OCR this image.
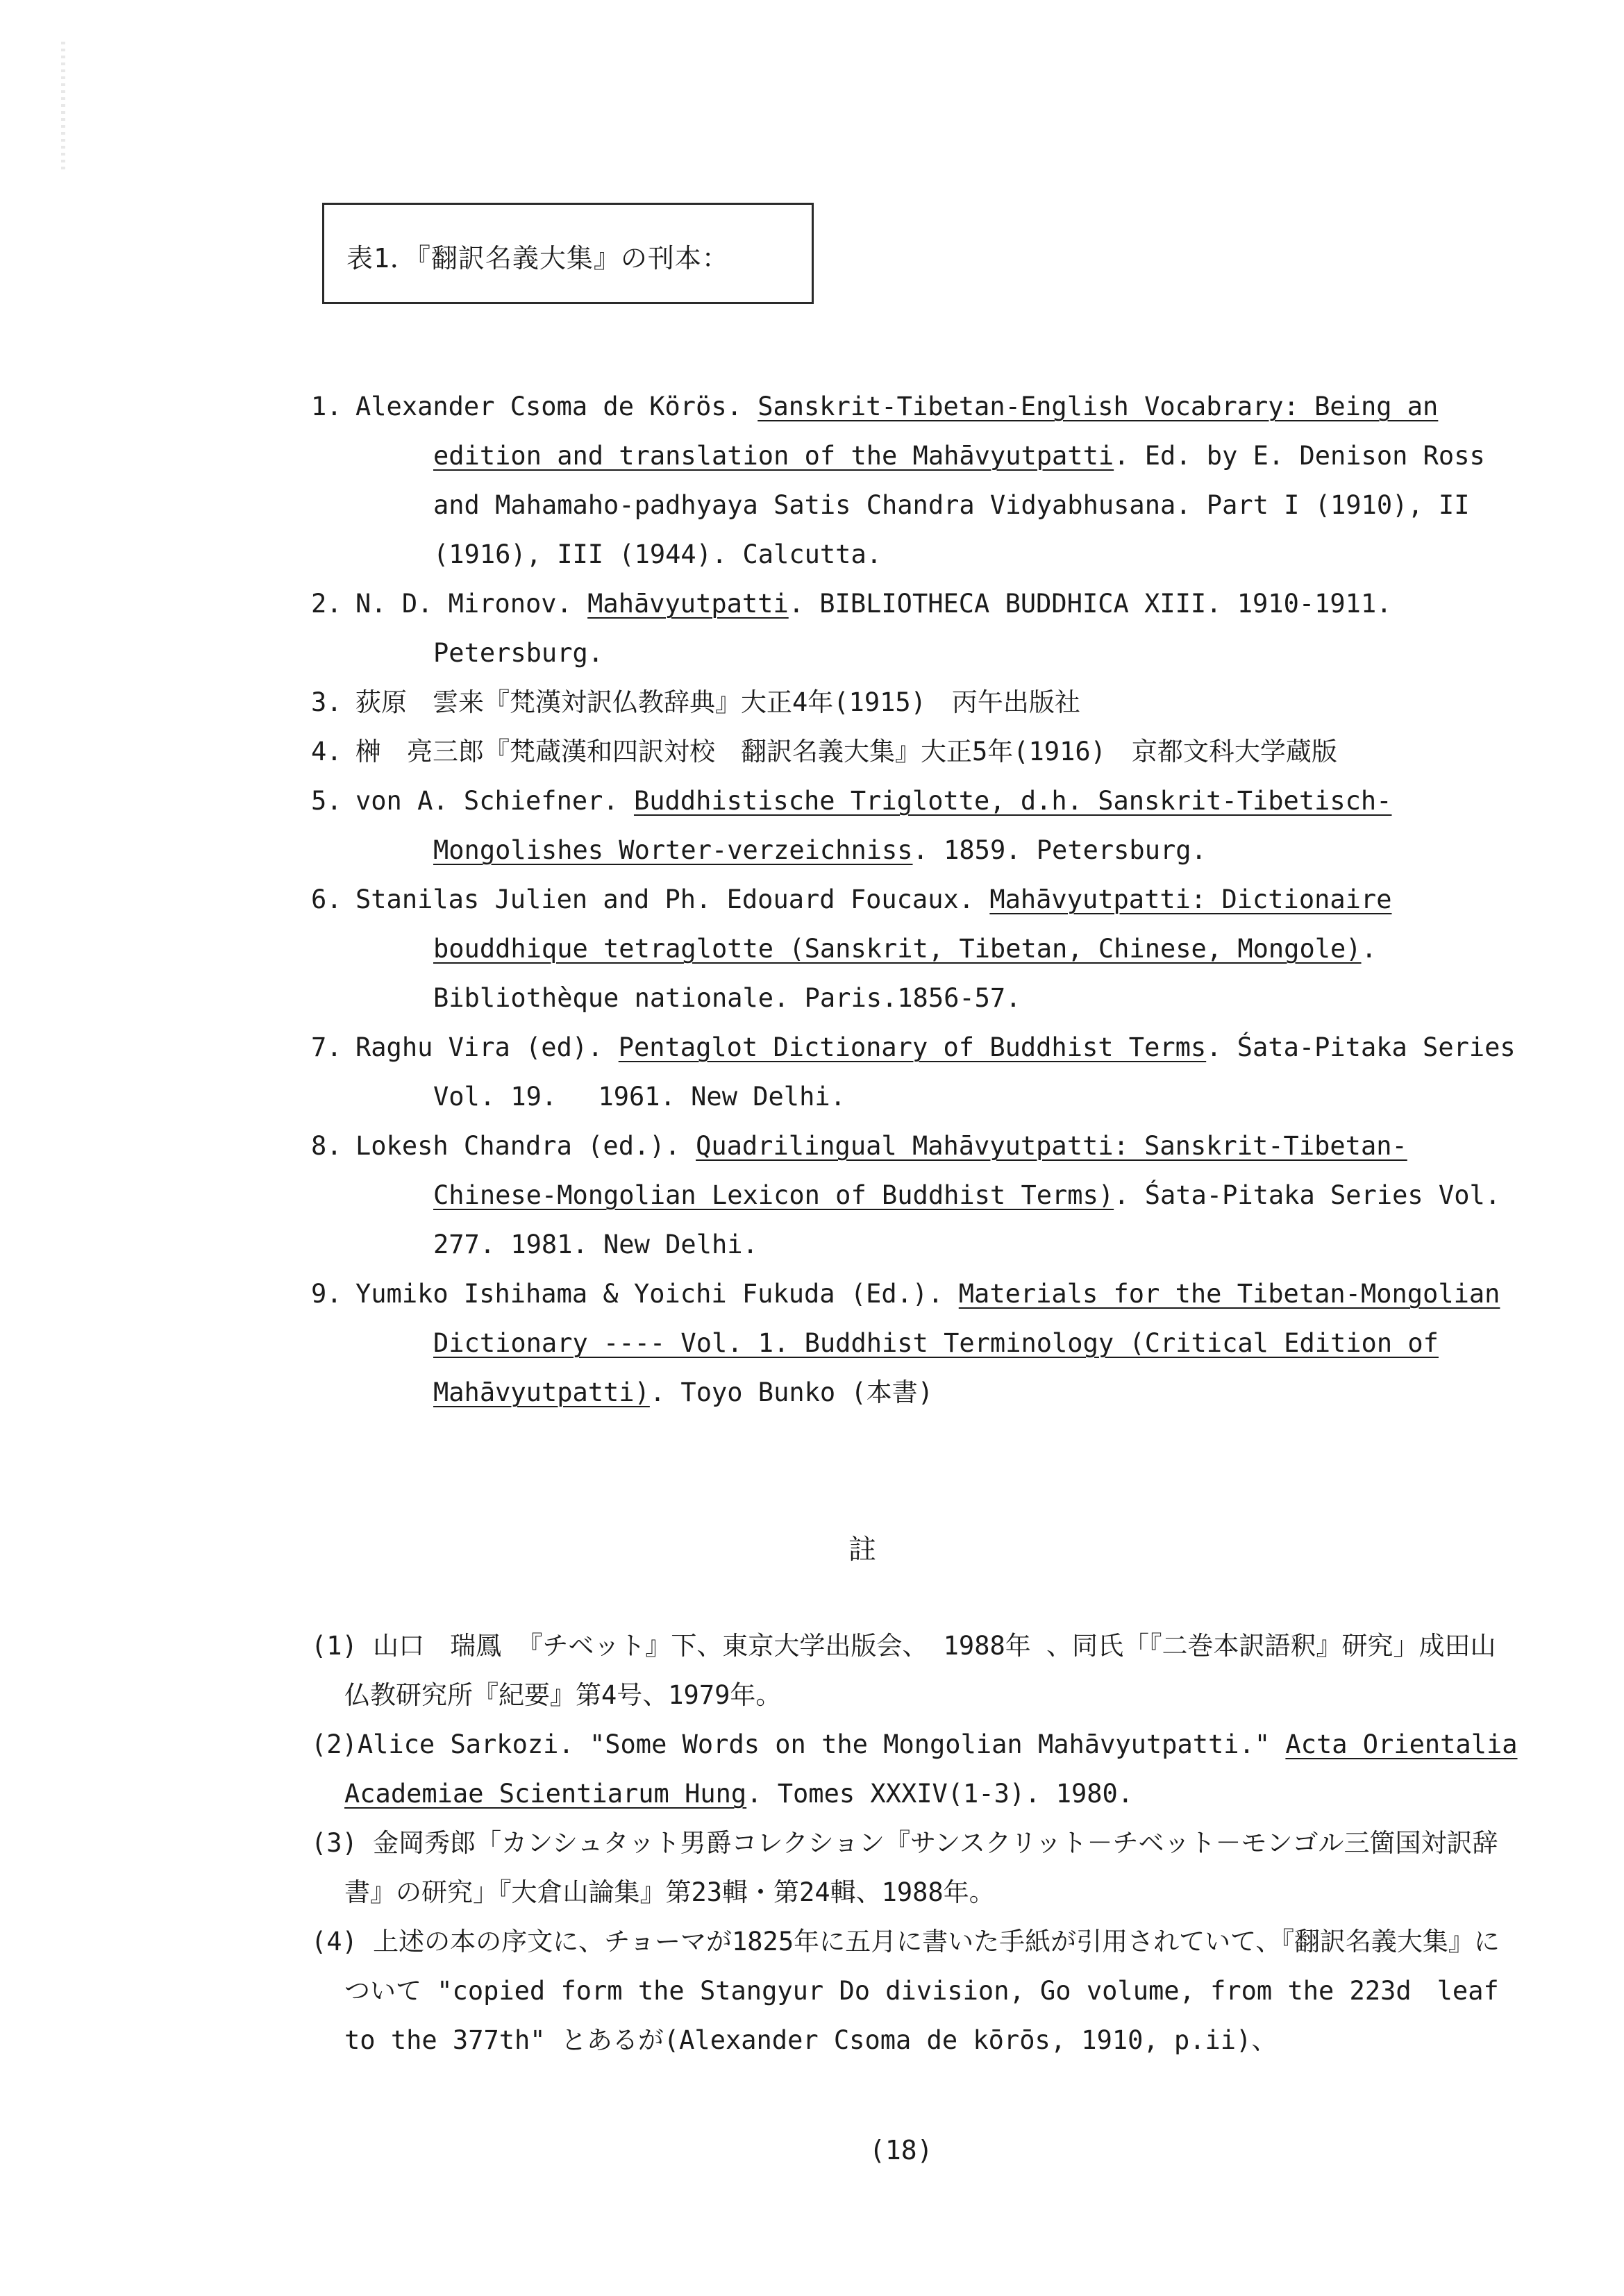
表1．『翻訳名義大集』の刊本：
1. Alexander Csoma de Körös. Sanskrit-Tibetan-English Vocabrary: Being an edition and translation of the Mahāvyutpatti. Ed. by E. Denison Ross and Mahamaho-padhyaya Satis Chandra Vidyabhusana. Part I (1910), II (1916), III (1944). Calcutta.
2. N. D. Mironov. Mahāvyutpatti. BIBLIOTHECA BUDDHICA XIII. 1910-1911. Petersburg.
3. 荻原　雲来『梵漢対訳仏教辞典』大正4年(1915)　丙午出版社
4. 榊　亮三郎『梵蔵漢和四訳対校　翻訳名義大集』大正5年(1916)　京都文科大学蔵版
5. von A. Schiefner. Buddhistische Triglotte, d.h. Sanskrit-Tibetisch-Mongolishes Worter-verzeichniss. 1859. Petersburg.
6. Stanilas Julien and Ph. Edouard Foucaux. Mahāvyutpatti: Dictionaire bouddhique tetraglotte (Sanskrit, Tibetan, Chinese, Mongole). Bibliothèque nationale. Paris.1856-57.
7. Raghu Vira (ed). Pentaglot Dictionary of Buddhist Terms. Śata-Pitaka Series Vol. 19.　 1961. New Delhi.
8. Lokesh Chandra (ed.). Quadrilingual Mahāvyutpatti: Sanskrit-Tibetan-Chinese-Mongolian Lexicon of Buddhist Terms). Śata-Pitaka Series Vol. 277. 1981. New Delhi.
9. Yumiko Ishihama & Yoichi Fukuda (Ed.). Materials for the Tibetan-Mongolian Dictionary ---- Vol. 1. Buddhist Terminology (Critical Edition of Mahāvyutpatti). Toyo Bunko (本書)
註
(1) 山口　瑞鳳 『チベット』下、東京大学出版会、 1988年 、同氏「『二巻本訳語釈』研究」成田山仏教研究所『紀要』第4号、1979年。
(2)Alice Sarkozi. "Some Words on the Mongolian Mahāvyutpatti." Acta Orientalia Academiae Scientiarum Hung. Tomes XXXIV(1-3). 1980.
(3) 金岡秀郎「カンシュタット男爵コレクション『サンスクリット－チベット－モンゴル三箇国対訳辞書』の研究」『大倉山論集』第23輯・第24輯、1988年。
(4) 上述の本の序文に、チョーマが1825年に五月に書いた手紙が引用されていて、『翻訳名義大集』について "copied form the Stangyur Do division, Go volume, from the 223d　leaf to the 377th" とあるが(Alexander Csoma de kōrōs, 1910, p.ii)、
(18)
